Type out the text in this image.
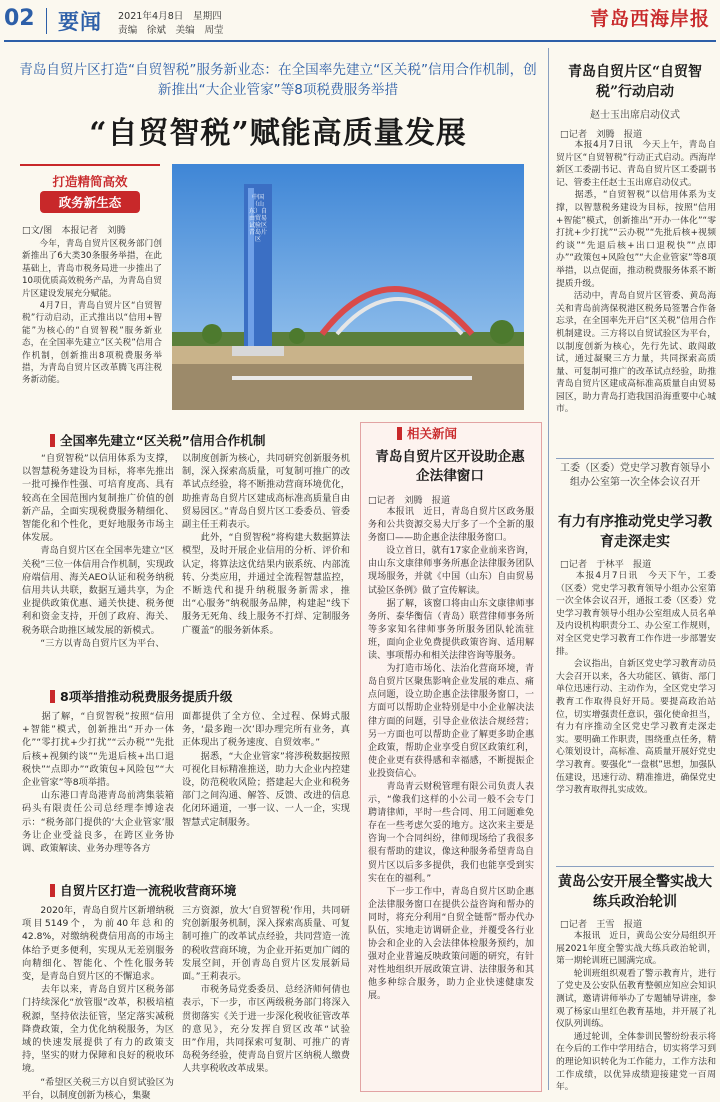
02 要闻 2021年4月8日　星期四
责编　徐斌　美编　周莹
青岛西海岸报
青岛自贸片区打造“自贸智税”服务新业态：在全国率先建立“区关税”信用合作机制，创新推出“大企业管家”等8项税费服务举措
“自贸智税”赋能高质量发展
打造精简高效
政务新生态
□文/图　本报记者　刘腾
　　今年，青岛自贸片区税务部门创新推出了6大类30条服务举措，在此基础上，青岛市税务局进一步推出了10项优质高效税务产品，为青岛自贸片区建设发展充分赋能。
　　4月7日，青岛自贸片区“自贸智税”行动启动，正式推出以“信用+智能”为核心的“自贸智税”服务新业态，在全国率先建立“区关税”信用合作机制，创新推出8项税费服务举措，为青岛自贸片区改革腾飞再注税务新动能。
中国（山东）自由贸易试验区青岛片区
全国率先建立“区关税”信用合作机制
　　“自贸智税”以信用体系为支撑，以智慧税务建设为目标，将率先推出一批可操作性强、可培育度高、具有较高在全国范围内复制推广价值的创新产品，全面实现税费服务精细化、智能化和个性化，更好地服务市场主体发展。
　　青岛自贸片区在全国率先建立“区关税”三位一体信用合作机制，实现政府端信用、海关AEO认证和税务纳税信用共认共联，数据互通共享，为企业提供政策优惠、通关快捷、税务便利和资金支持，开创了政府、海关、税务联合助推区域发展的新模式。
　　“三方以青岛自贸片区为平台、
以制度创新为核心，共同研究创新服务机制，深入探索高质量，可复制可推广的改革试点经验，将不断推动营商环境优化，助推青岛自贸片区建成高标准高质量自由贸易园区。”青岛自贸片区工委委员、管委副主任王莉表示。
　　此外，“自贸智税”将构建大数据算法模型，及时开展企业信用的分析、评价和认定，将算法这优结果内嵌系统、内部流转、分类应用，并通过全流程智慧监控，不断迭代和提升纳税服务新需求，推出“心服务”纳税服务品牌，构建起“线下服务无死角、线上服务不打烊、定制服务广覆盖”的服务新体系。
8项举措推动税费服务提质升级
　　据了解，“自贸智税”按照“信用+智能”模式，创新推出“开办一体化”“零打扰+少打扰”“云办税”“先批后核+视频约谈”“先退后核+出口退税快”“点即办”“政策包+风险包”“大企业管家”等8项举措。
　　山东港口青岛港青岛前湾集装箱码头有限责任公司总经理李博途表示：“税务部门提供的‘大企业管家’服务让企业受益良多，在跨区业务协调、政策解读、业务办理等各方
面都提供了全方位、全过程、保姆式服务，‘最多跑一次’即办理完所有业务，真正体现出了税务速度、自贸效率。”
　　据悉，“大企业管家”将涉税数据按照可视化目标精准推送，助力大企业内控建设，防范税收风险；搭建起大企业和税务部门之间沟通、解答、反馈、改进的信息化闭环通道，一事一议、一人一企，实现智慧式定制服务。
自贸片区打造一流税收营商环境
　　2020年，青岛自贸片区新增纳税项目5149个，为前40年总和的42.8%，对缴纳税费信用高的市场主体给予更多便利，实现从无差别服务向精细化、智能化、个性化服务转变，是青岛自贸片区的不懈追求。
　　去年以来，青岛自贸片区税务部门持续深化“放管服”改革，积极培植税源，坚持依法征管，坚定落实减税降费政策，全力优化纳税服务，为区域的快速发展提供了有力的政策支持，坚实的财力保障和良好的税收环境。
　　“希望区关税三方以自贸试验区为平台，以制度创新为核心，集聚
三方资源，放大‘自贸智税’作用，共同研究创新服务机制，深入探索高质量、可复制可推广的改革试点经验，共同营造一流的税收营商环境，为企业开拓更加广阔的发展空间，开创青岛自贸片区发展新局面。”王莉表示。
　　市税务局党委委员、总经济师何倩也表示，下一步，市区两级税务部门将深入贯彻落实《关于进一步深化税收征管改革的意见》，充分发挥自贸区改革“试验田”作用，共同探索可复制、可推广的青岛税务经验，使青岛自贸片区纳税人缴费人共享税收改革成果。
相关新闻
青岛自贸片区开设助企惠企法律窗口
□记者　刘腾　报道
　　本报讯　近日，青岛自贸片区政务服务和公共资源交易大厅多了一个全新的服务窗口——助企惠企法律服务窗口。
　　设立首日，就有17家企业前来咨询，由山东文康律师事务所惠企法律服务团队现场服务，并就《中国（山东）自由贸易试验区条例》做了宣传解读。
　　据了解，该窗口将由山东文康律师事务所、泰华衡信（青岛）联营律师事务所等多家知名律师事务所服务团队轮流驻班，面向企业免费提供政策咨询、适用解读、事项帮办和相关法律咨询等服务。
　　为打造市场化、法治化营商环境，青岛自贸片区聚焦影响企业发展的难点、痛点问题，设立助企惠企法律服务窗口，一方面可以帮助企业特别是中小企业解决法律方面的问题，引导企业依法合规经营；另一方面也可以帮助企业了解更多助企惠企政策，帮助企业享受自贸区政策红利，使企业更有获得感和幸福感，不断提振企业投资信心。
　　青岛青云财税管理有限公司负责人表示，“像我们这样的小公司一般不会专门聘请律师，平时一些合同、用工问题难免存在一些考虑欠妥的地方。这次来主要是咨询一个合同纠纷，律师现场给了我很多很有帮助的建议，像这种服务希望青岛自贸片区以后多多提供，我们也能享受到实实在在的福利。”
　　下一步工作中，青岛自贸片区助企惠企法律服务窗口在提供公益咨询和帮办的同时，将充分利用“自贸全链帮”帮办代办队伍，实地走访调研企业，并覆受各行业协会和企业的入会法律体检服务预约，加强对企业普遍反映政策问题的研究，有针对性地组织开展政策宣讲、法律服务和其他多种综合服务，助力企业快速健康发展。
青岛自贸片区“自贸智税”行动启动
赵士玉出席启动仪式
□记者　刘腾　报道
　　本报4月7日讯　今天上午，青岛自贸片区“自贸智税”行动正式启动。西海岸新区工委副书记、青岛自贸片区工委副书记、管委主任赵士玉出席启动仪式。
　　据悉，“自贸智税”以信用体系为支撑，以智慧税务建设为目标，按照“信用+智能”模式，创新推出“开办一体化”“零打扰+少打扰”“云办税”“先批后核+视频约谈”“先退后核+出口退税快”“点即办”“政策包+风险包”“大企业管家”等8项举措，以点促面，推动税费服务体系不断提质升级。
　　活动中，青岛自贸片区管委、黄岛海关和青岛前湾保税港区税务局签署合作备忘录，在全国率先开启“区关税”信用合作机制建设。三方将以自贸试验区为平台，以制度创新为核心，先行先试、敢闯敢试，通过凝聚三方力量，共同探索高质量、可复制可推广的改革试点经验，助推青岛自贸片区建成高标准高质量自由贸易园区，助力青岛打造我国沿海重要中心城市。
工委（区委）党史学习教育领导小组办公室第一次全体会议召开
有力有序推动党史学习教育走深走实
□记者　于林平　报道
　　本报4月7日讯　今天下午，工委（区委）党史学习教育领导小组办公室第一次全体会议召开，通报工委（区委）党史学习教育领导小组办公室组成人员名单及内设机构职责分工、办公室工作规则，对全区党史学习教育工作作进一步部署安排。
　　会议指出，自新区党史学习教育动员大会召开以来，各大功能区、镇街、部门单位迅速行动、主动作为，全区党史学习教育工作取得良好开局。要提高政治站位，切实增强责任意识，强化使命担当，有力有序推动全区党史学习教育走深走实。要明确工作职责，围绕重点任务，精心策划设计，高标准、高质量开展好党史学习教育。要强化“一盘棋”思想，加强队伍建设，迅速行动、精准推进，确保党史学习教育取得扎实成效。
黄岛公安开展全警实战大练兵政治轮训
□记者　王雪　报道
　　本报讯　近日，黄岛公安分局组织开展2021年度全警实战大练兵政治轮训，第一期轮训班已圆满完成。
　　轮训班组织观看了警示教育片，进行了党史及公安队伍教育整顿应知应会知识测试，邀请讲师举办了专题辅导讲座，参观了杨家山里红色教育基地，并开展了礼仪队列训练。
　　通过轮训，全体参训民警纷纷表示将在今后的工作中学用结合，切实将学习到的理论知识转化为工作能力，工作方法和工作成绩，以优异成绩迎接建党一百周年。
